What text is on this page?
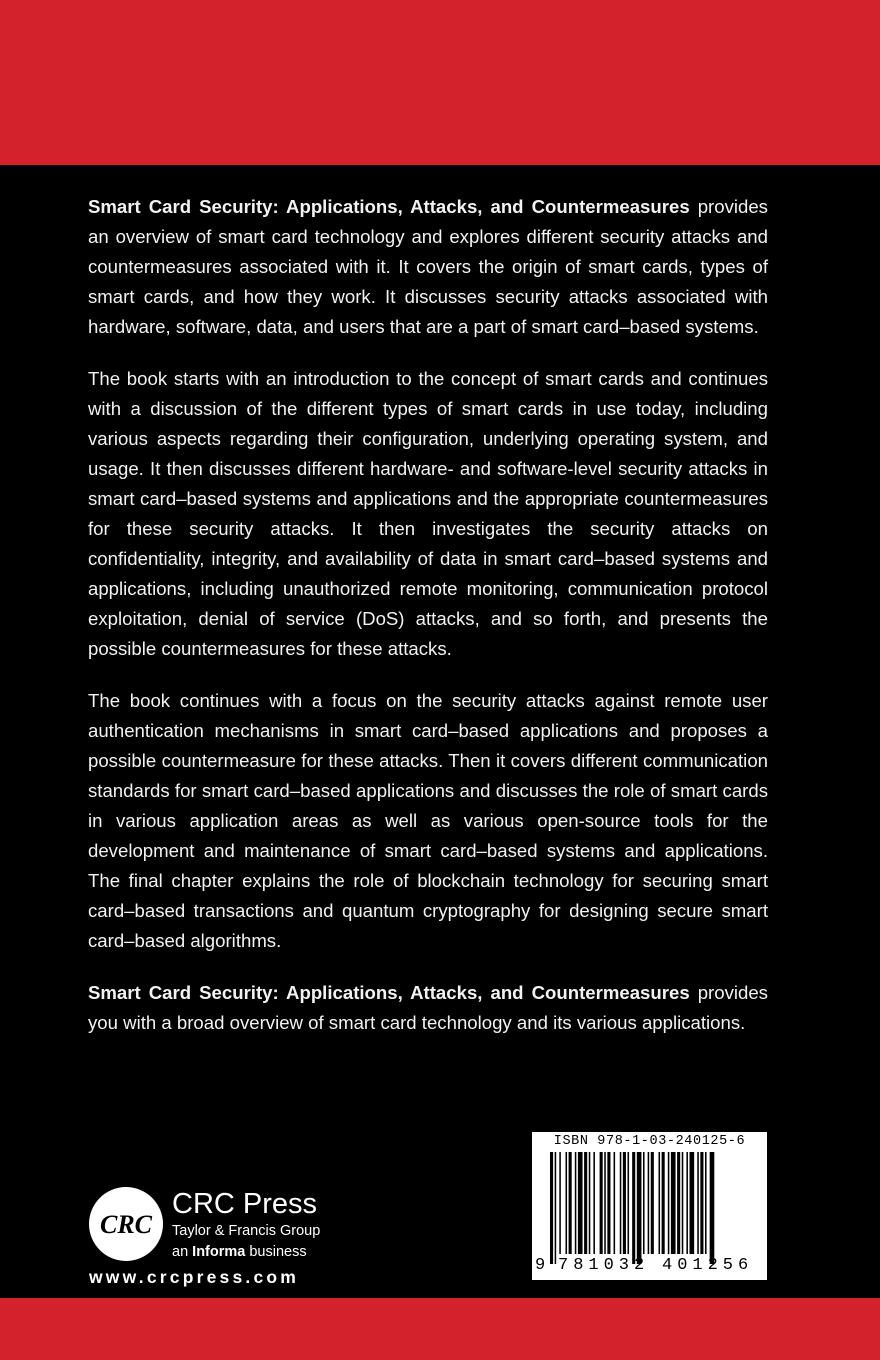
Smart Card Security: Applications, Attacks, and Countermeasures provides an overview of smart card technology and explores different security attacks and countermeasures associated with it. It covers the origin of smart cards, types of smart cards, and how they work. It discusses security attacks associated with hardware, software, data, and users that are a part of smart card–based systems.

The book starts with an introduction to the concept of smart cards and continues with a discussion of the different types of smart cards in use today, including various aspects regarding their configuration, underlying operating system, and usage. It then discusses different hardware- and software-level security attacks in smart card–based systems and applications and the appropriate countermeasures for these security attacks. It then investigates the security attacks on confidentiality, integrity, and availability of data in smart card–based systems and applications, including unauthorized remote monitoring, communication protocol exploitation, denial of service (DoS) attacks, and so forth, and presents the possible countermeasures for these attacks.

The book continues with a focus on the security attacks against remote user authentication mechanisms in smart card–based applications and proposes a possible countermeasure for these attacks. Then it covers different communication standards for smart card–based applications and discusses the role of smart cards in various application areas as well as various open-source tools for the development and maintenance of smart card–based systems and applications. The final chapter explains the role of blockchain technology for securing smart card–based transactions and quantum cryptography for designing secure smart card–based algorithms.

Smart Card Security: Applications, Attacks, and Countermeasures provides you with a broad overview of smart card technology and its various applications.

CRC
CRC Press
Taylor & Francis Group
an Informa business
www.crcpress.com
ISBN 978-1-03-240125-6
9 781032 401256
